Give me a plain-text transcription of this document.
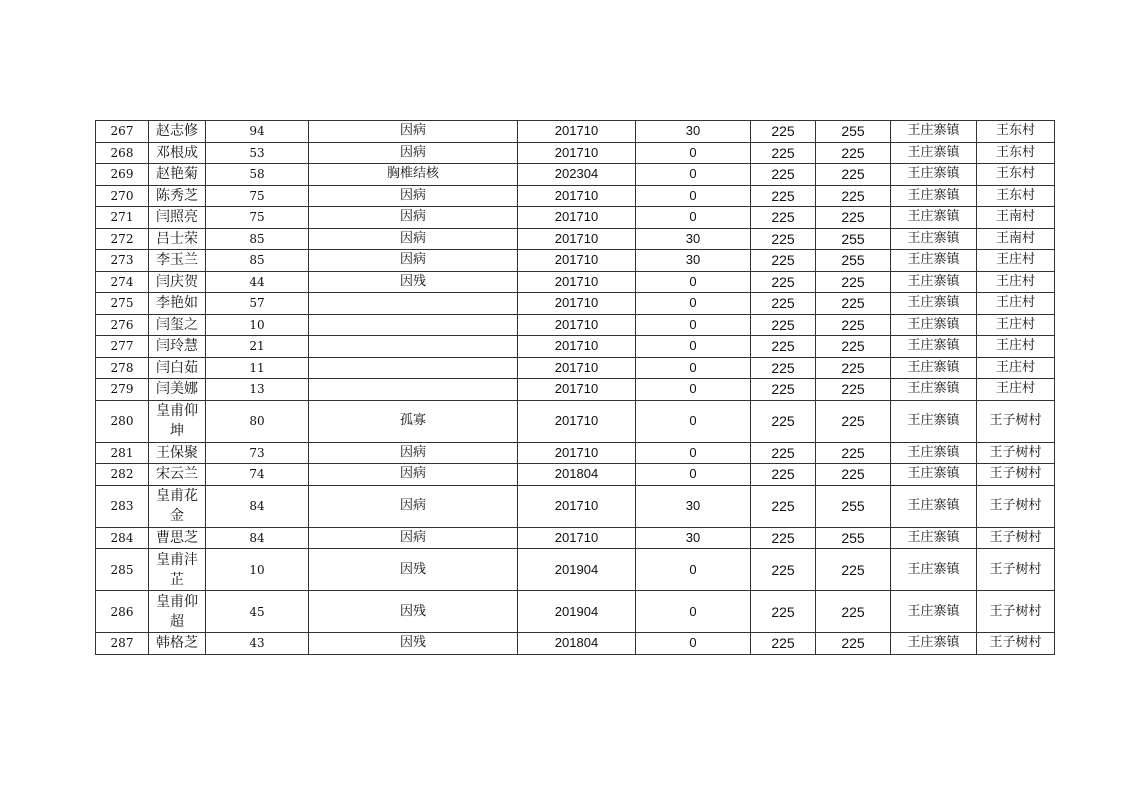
267	赵志修	94	因病	201710	30	225	255	王庄寨镇	王东村
268	邓根成	53	因病	201710	0	225	225	王庄寨镇	王东村
269	赵艳菊	58	胸椎结核	202304	0	225	225	王庄寨镇	王东村
270	陈秀芝	75	因病	201710	0	225	225	王庄寨镇	王东村
271	闫照亮	75	因病	201710	0	225	225	王庄寨镇	王南村
272	吕士荣	85	因病	201710	30	225	255	王庄寨镇	王南村
273	李玉兰	85	因病	201710	30	225	255	王庄寨镇	王庄村
274	闫庆贺	44	因残	201710	0	225	225	王庄寨镇	王庄村
275	李艳如	57		201710	0	225	225	王庄寨镇	王庄村
276	闫玺之	10		201710	0	225	225	王庄寨镇	王庄村
277	闫玲慧	21		201710	0	225	225	王庄寨镇	王庄村
278	闫白茹	11		201710	0	225	225	王庄寨镇	王庄村
279	闫美娜	13		201710	0	225	225	王庄寨镇	王庄村
280	皇甫仰坤	80	孤寡	201710	0	225	225	王庄寨镇	王子树村
281	王保聚	73	因病	201710	0	225	225	王庄寨镇	王子树村
282	宋云兰	74	因病	201804	0	225	225	王庄寨镇	王子树村
283	皇甫花金	84	因病	201710	30	225	255	王庄寨镇	王子树村
284	曹思芝	84	因病	201710	30	225	255	王庄寨镇	王子树村
285	皇甫沣芷	10	因残	201904	0	225	225	王庄寨镇	王子树村
286	皇甫仰超	45	因残	201904	0	225	225	王庄寨镇	王子树村
287	韩格芝	43	因残	201804	0	225	225	王庄寨镇	王子树村
